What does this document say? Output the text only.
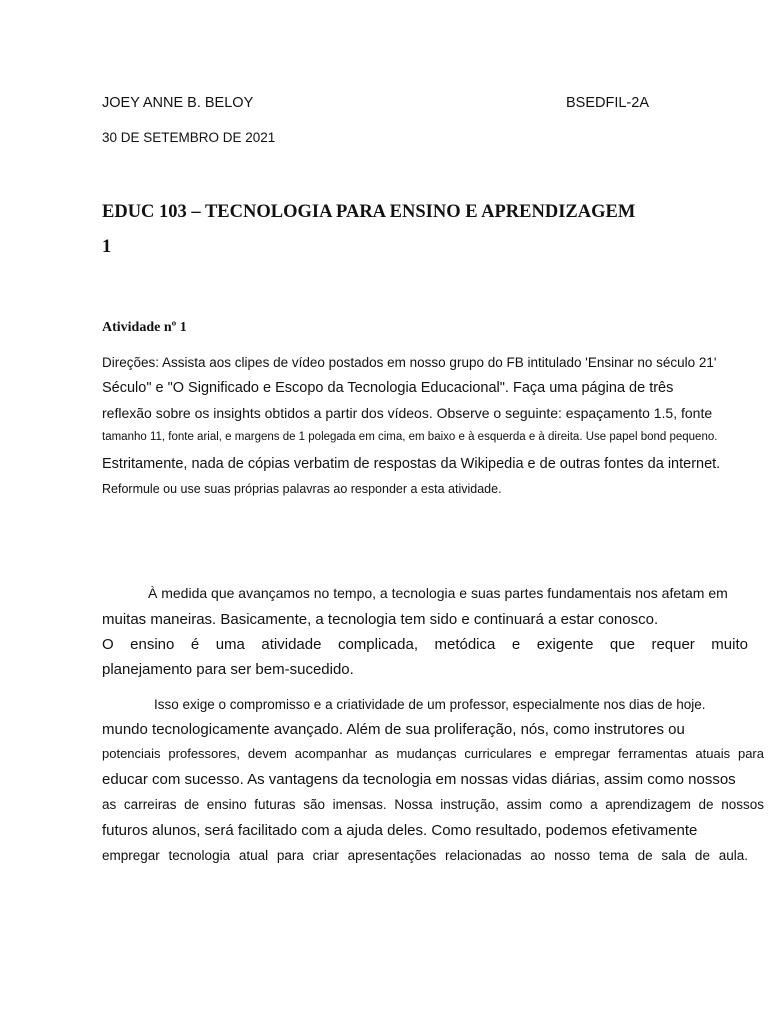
JOEY ANNE B. BELOY	BSEDFIL-2A
30 DE SETEMBRO DE 2021
EDUC 103 – TECNOLOGIA PARA ENSINO E APRENDIZAGEM
1
Atividade nº 1
Direções: Assista aos clipes de vídeo postados em nosso grupo do FB intitulado 'Ensinar no século 21'
Século" e "O Significado e Escopo da Tecnologia Educacional". Faça uma página de três
reflexão sobre os insights obtidos a partir dos vídeos. Observe o seguinte: espaçamento 1.5, fonte
tamanho 11, fonte arial, e margens de 1 polegada em cima, em baixo e à esquerda e à direita. Use papel bond pequeno.
Estritamente, nada de cópias verbatim de respostas da Wikipedia e de outras fontes da internet.
Reformule ou use suas próprias palavras ao responder a esta atividade.
À medida que avançamos no tempo, a tecnologia e suas partes fundamentais nos afetam em
muitas maneiras. Basicamente, a tecnologia tem sido e continuará a estar conosco.
O ensino é uma atividade complicada, metódica e exigente que requer muito
planejamento para ser bem-sucedido.
Isso exige o compromisso e a criatividade de um professor, especialmente nos dias de hoje.
mundo tecnologicamente avançado. Além de sua proliferação, nós, como instrutores ou
potenciais professores, devem acompanhar as mudanças curriculares e empregar ferramentas atuais para
educar com sucesso. As vantagens da tecnologia em nossas vidas diárias, assim como nossos
as carreiras de ensino futuras são imensas. Nossa instrução, assim como a aprendizagem de nossos
futuros alunos, será facilitado com a ajuda deles. Como resultado, podemos efetivamente
empregar tecnologia atual para criar apresentações relacionadas ao nosso tema de sala de aula.
